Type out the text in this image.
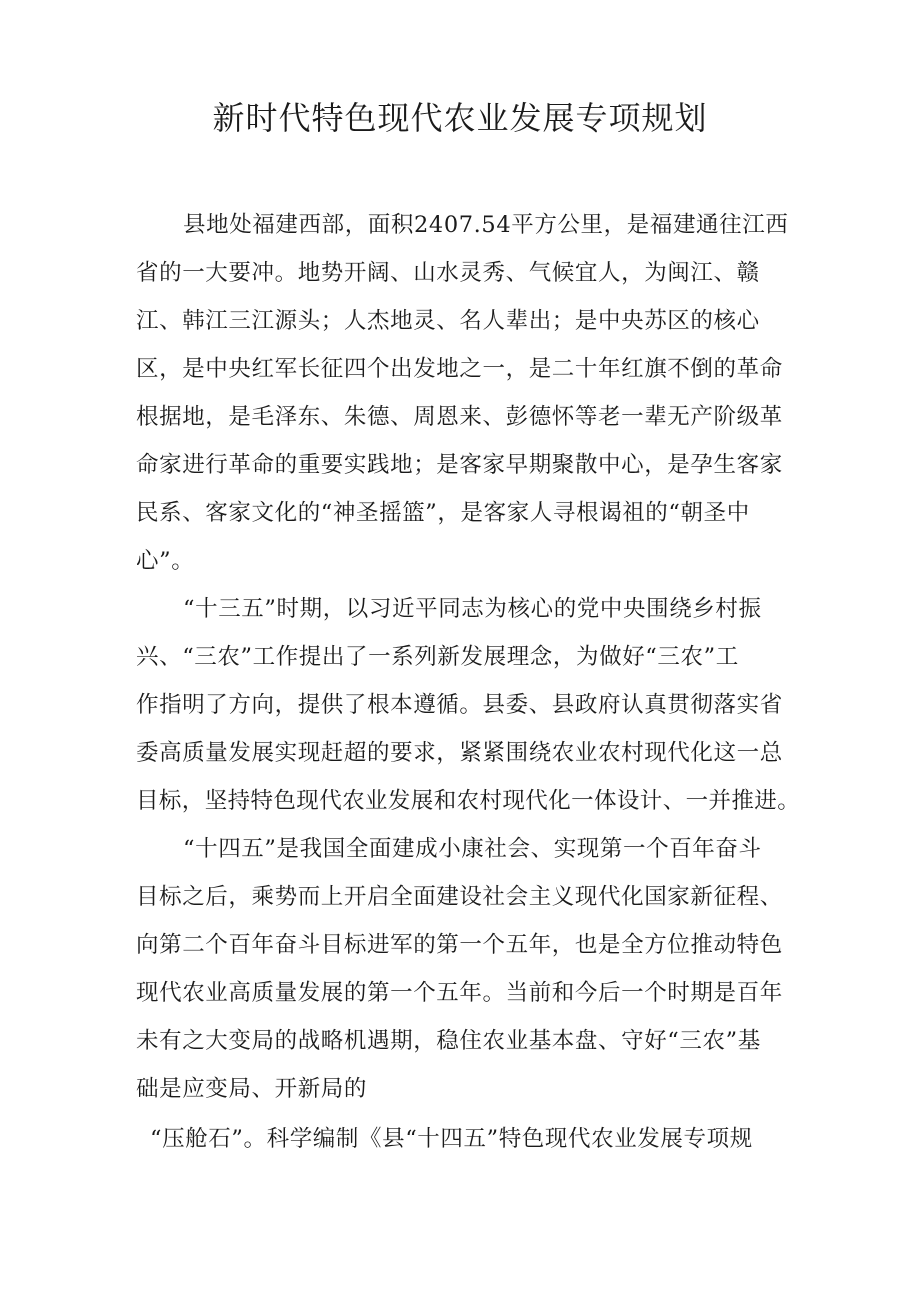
新时代特色现代农业发展专项规划

县地处福建西部，面积2407.54平方公里，是福建通往江西

省的一大要冲。地势开阔、山水灵秀、气候宜人，为闽江、赣

江、韩江三江源头；人杰地灵、名人辈出；是中央苏区的核心

区，是中央红军长征四个出发地之一，是二十年红旗不倒的革命

根据地，是毛泽东、朱德、周恩来、彭德怀等老一辈无产阶级革

命家进行革命的重要实践地；是客家早期聚散中心，是孕生客家

民系、客家文化的“神圣摇篮”，是客家人寻根谒祖的“朝圣中

心”。

“十三五”时期，以习近平同志为核心的党中央围绕乡村振

兴、“三农”工作提出了一系列新发展理念，为做好“三农”工

作指明了方向，提供了根本遵循。县委、县政府认真贯彻落实省

委高质量发展实现赶超的要求，紧紧围绕农业农村现代化这一总

目标，坚持特色现代农业发展和农村现代化一体设计、一并推进。

“十四五”是我国全面建成小康社会、实现第一个百年奋斗

目标之后，乘势而上开启全面建设社会主义现代化国家新征程、

向第二个百年奋斗目标进军的第一个五年，也是全方位推动特色

现代农业高质量发展的第一个五年。当前和今后一个时期是百年

未有之大变局的战略机遇期，稳住农业基本盘、守好“三农”基

础是应变局、开新局的

“压舱石”。科学编制《县“十四五”特色现代农业发展专项规
